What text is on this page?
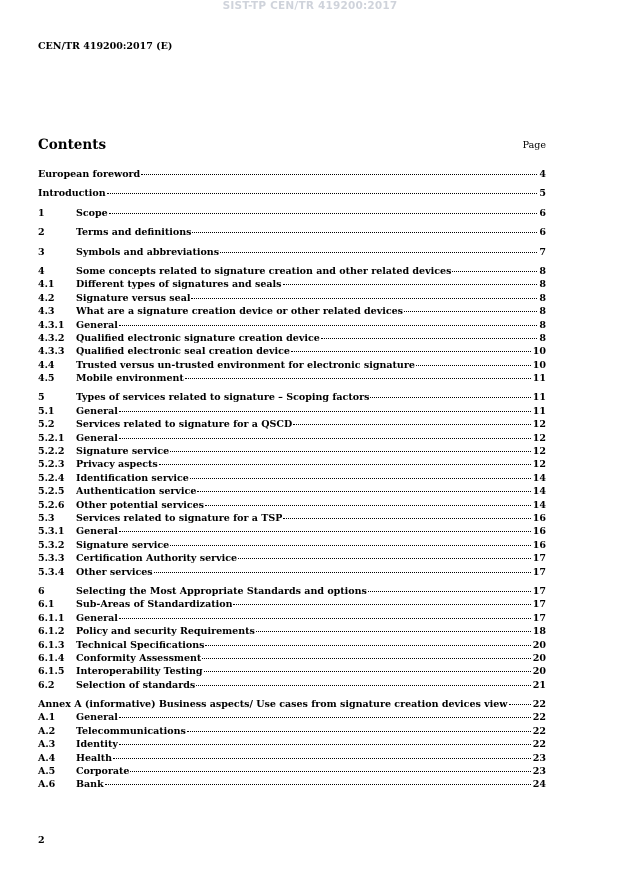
SIST-TP CEN/TR 419200:2017
CEN/TR 419200:2017 (E)
Contents	Page
European foreword	4
Introduction	5
1	Scope	6
2	Terms and definitions	6
3	Symbols and abbreviations	7
4	Some concepts related to signature creation and other related devices	8
4.1	Different types of signatures and seals	8
4.2	Signature versus seal	8
4.3	What are a signature creation device or other related devices	8
4.3.1	General	8
4.3.2	Qualified electronic signature creation device	8
4.3.3	Qualified electronic seal creation device	10
4.4	Trusted versus un-trusted environment for electronic signature	10
4.5	Mobile environment	11
5	Types of services related to signature – Scoping factors	11
5.1	General	11
5.2	Services related to signature for a QSCD	12
5.2.1	General	12
5.2.2	Signature service	12
5.2.3	Privacy aspects	12
5.2.4	Identification service	14
5.2.5	Authentication service	14
5.2.6	Other potential services	14
5.3	Services related to signature for a TSP	16
5.3.1	General	16
5.3.2	Signature service	16
5.3.3	Certification Authority service	17
5.3.4	Other services	17
6	Selecting the Most Appropriate Standards and options	17
6.1	Sub-Areas of Standardization	17
6.1.1	General	17
6.1.2	Policy and security Requirements	18
6.1.3	Technical Specifications	20
6.1.4	Conformity Assessment	20
6.1.5	Interoperability Testing	20
6.2	Selection of standards	21
Annex A (informative) Business aspects/ Use cases from signature creation devices view	22
A.1	General	22
A.2	Telecommunications	22
A.3	Identity	22
A.4	Health	23
A.5	Corporate	23
A.6	Bank	24
2
